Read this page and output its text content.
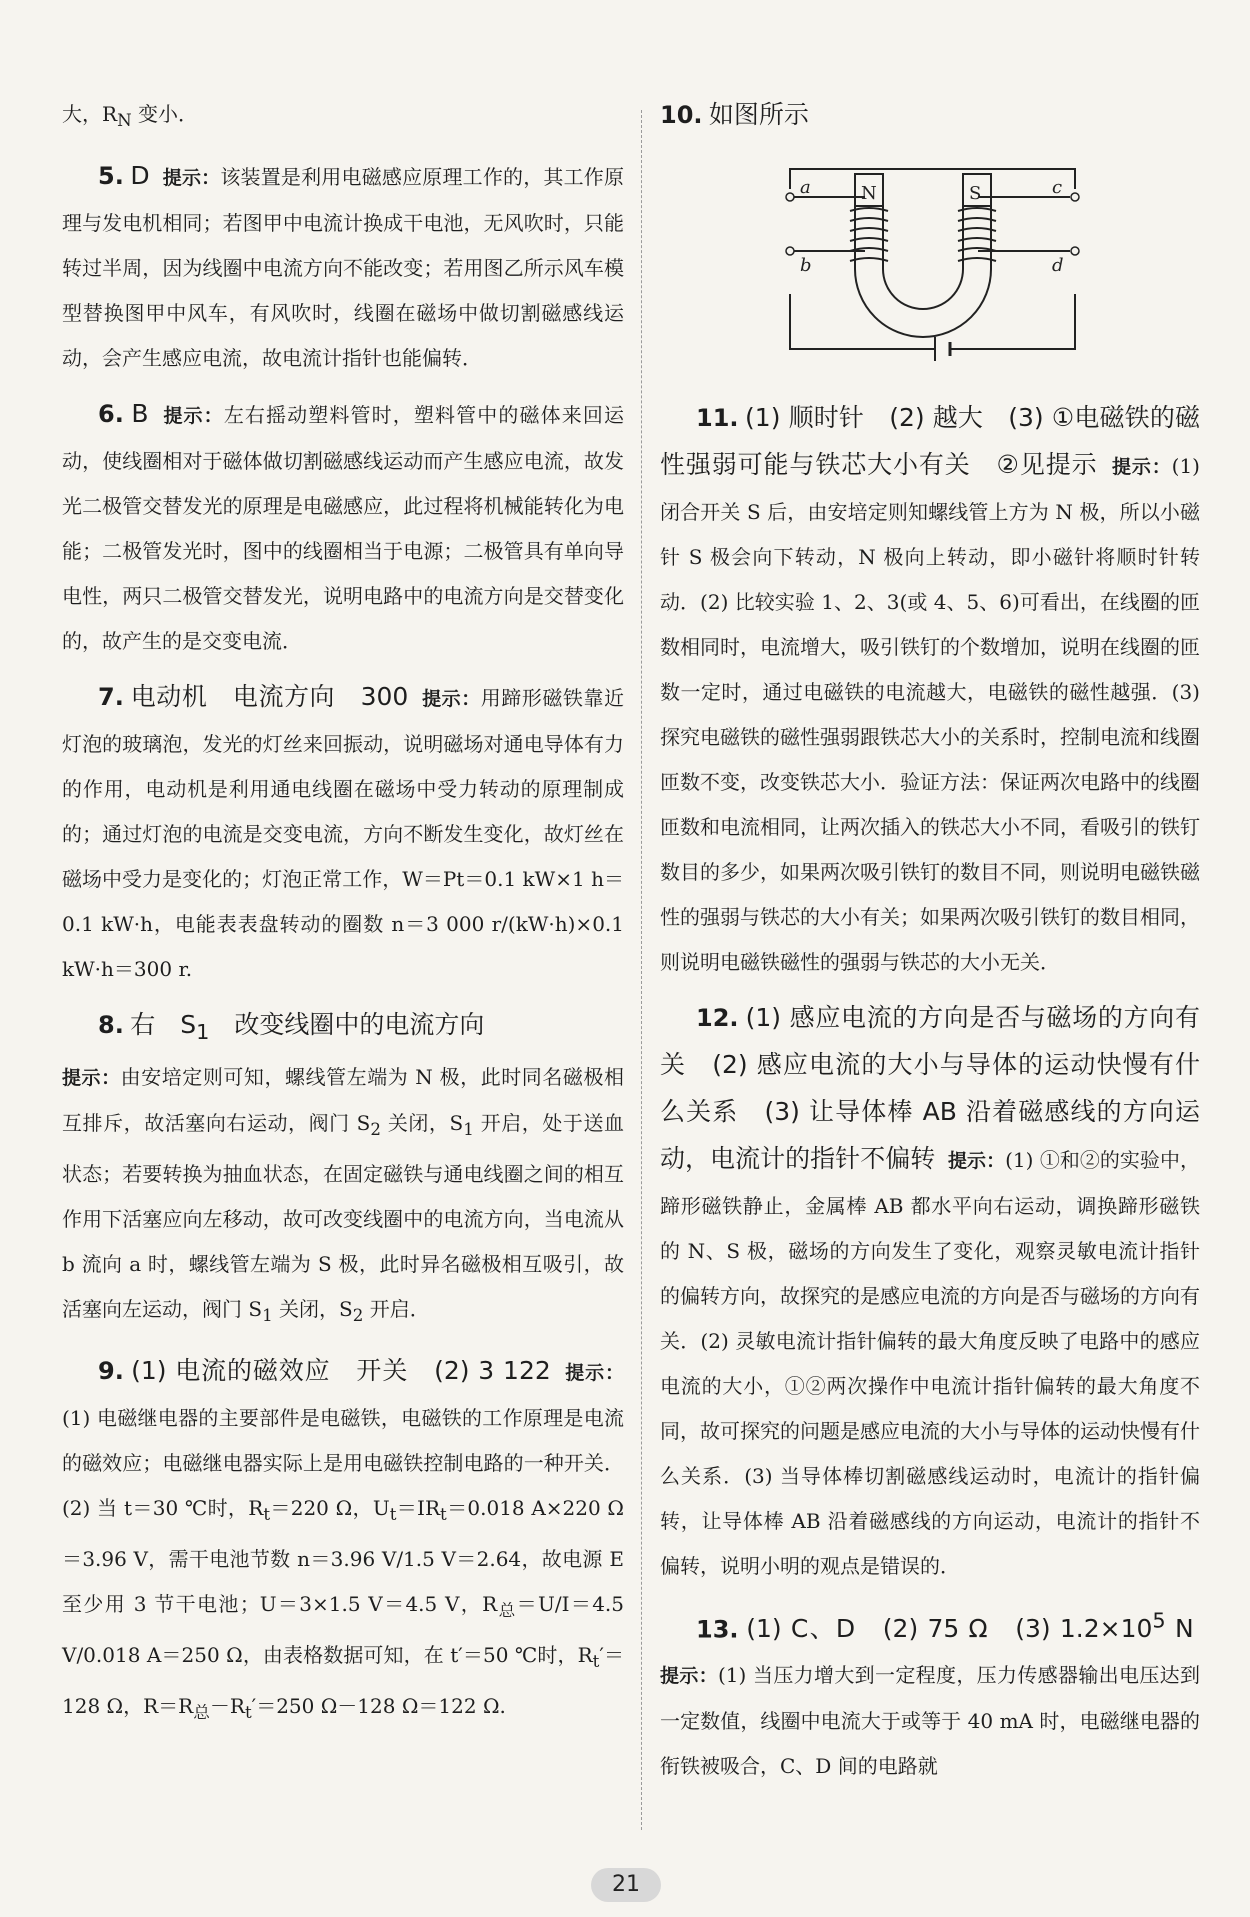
大，$R_N$ 变小．

5. D 提示：该装置是利用电磁感应原理工作的，其工作原理与发电机相同；若图甲中电流计换成干电池，无风吹时，只能转过半周，因为线圈中电流方向不能改变；若用图乙所示风车模型替换图甲中风车，有风吹时，线圈在磁场中做切割磁感线运动，会产生感应电流，故电流计指针也能偏转．

6. B 提示：左右摇动塑料管时，塑料管中的磁体来回运动，使线圈相对于磁体做切割磁感线运动而产生感应电流，故发光二极管交替发光的原理是电磁感应，此过程将机械能转化为电能；二极管发光时，图中的线圈相当于电源；二极管具有单向导电性，两只二极管交替发光，说明电路中的电流方向是交替变化的，故产生的是交变电流．

7. 电动机　电流方向　300 提示：用蹄形磁铁靠近灯泡的玻璃泡，发光的灯丝来回振动，说明磁场对通电导体有力的作用，电动机是利用通电线圈在磁场中受力转动的原理制成的；通过灯泡的电流是交变电流，方向不断发生变化，故灯丝在磁场中受力是变化的；灯泡正常工作，W＝Pt＝0.1 kW×1 h＝0.1 kW·h，电能表表盘转动的圈数 n＝3 000 r/(kW·h)×0.1 kW·h＝300 r.

8. 右　$S_1$　改变线圈中的电流方向
提示：由安培定则可知，螺线管左端为 N 极，此时同名磁极相互排斥，故活塞向右运动，阀门 $S_2$ 关闭，$S_1$ 开启，处于送血状态；若要转换为抽血状态，在固定磁铁与通电线圈之间的相互作用下活塞应向左移动，故可改变线圈中的电流方向，当电流从 b 流向 a 时，螺线管左端为 S 极，此时异名磁极相互吸引，故活塞向左运动，阀门 $S_1$ 关闭，$S_2$ 开启．

9. (1) 电流的磁效应　开关　(2) 3 122 提示：(1) 电磁继电器的主要部件是电磁铁，电磁铁的工作原理是电流的磁效应；电磁继电器实际上是用电磁铁控制电路的一种开关．(2) 当 t＝30 ℃时，$R_t=220$ Ω，$U_t=IR_t=0.018$ A×220 Ω＝3.96 V，需干电池节数 n＝3.96 V/1.5 V＝2.64，故电源 E 至少用 3 节干电池；U＝3×1.5 V＝4.5 V，$R_总=U/I=4.5$ V/0.018 A＝250 Ω，由表格数据可知，在 t′＝50 ℃时，$R_t'=128$ Ω，$R=R_总-R_t'=250$ Ω－128 Ω＝122 Ω.

10. 如图所示

N	S
a
b
c
d

11. (1) 顺时针　(2) 越大　(3) ①电磁铁的磁性强弱可能与铁芯大小有关　②见提示 提示：(1) 闭合开关 S 后，由安培定则知螺线管上方为 N 极，所以小磁针 S 极会向下转动，N 极向上转动，即小磁针将顺时针转动．(2) 比较实验 1、2、3(或 4、5、6)可看出，在线圈的匝数相同时，电流增大，吸引铁钉的个数增加，说明在线圈的匝数一定时，通过电磁铁的电流越大，电磁铁的磁性越强．(3) 探究电磁铁的磁性强弱跟铁芯大小的关系时，控制电流和线圈匝数不变，改变铁芯大小．验证方法：保证两次电路中的线圈匝数和电流相同，让两次插入的铁芯大小不同，看吸引的铁钉数目的多少，如果两次吸引铁钉的数目不同，则说明电磁铁磁性的强弱与铁芯的大小有关；如果两次吸引铁钉的数目相同，则说明电磁铁磁性的强弱与铁芯的大小无关．

12. (1) 感应电流的方向是否与磁场的方向有关　(2) 感应电流的大小与导体的运动快慢有什么关系　(3) 让导体棒 AB 沿着磁感线的方向运动，电流计的指针不偏转 提示：(1) ①和②的实验中，蹄形磁铁静止，金属棒 AB 都水平向右运动，调换蹄形磁铁的 N、S 极，磁场的方向发生了变化，观察灵敏电流计指针的偏转方向，故探究的是感应电流的方向是否与磁场的方向有关．(2) 灵敏电流计指针偏转的最大角度反映了电路中的感应电流的大小，①②两次操作中电流计指针偏转的最大角度不同，故可探究的问题是感应电流的大小与导体的运动快慢有什么关系．(3) 当导体棒切割磁感线运动时，电流计的指针偏转，让导体棒 AB 沿着磁感线的方向运动，电流计的指针不偏转，说明小明的观点是错误的．

13. (1) C、D　(2) 75 Ω　(3) $1.2\times 10^5$ N  提示：(1) 当压力增大到一定程度，压力传感器输出电压达到一定数值，线圈中电流大于或等于 40 mA 时，电磁继电器的衔铁被吸合，C、D 间的电路就

21
